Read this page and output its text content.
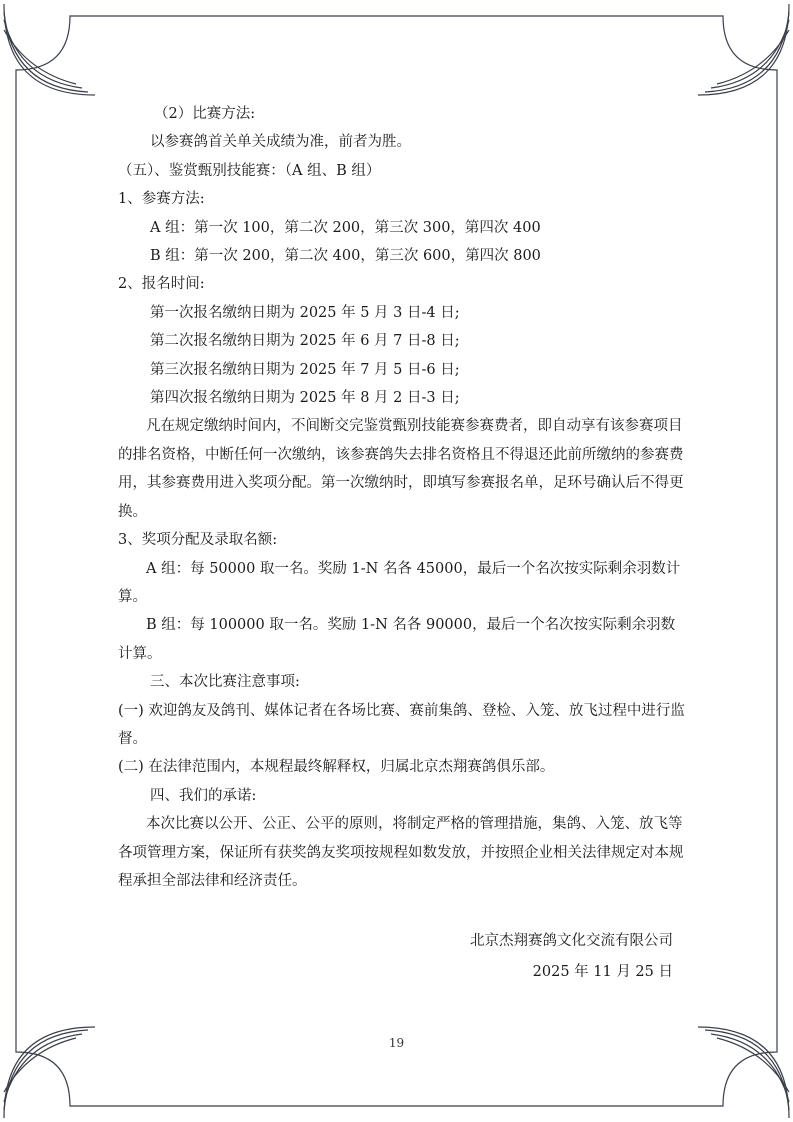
（2）比赛方法:

以参赛鸽首关单关成绩为准，前者为胜。

（五）、鉴赏甄别技能赛：（A 组、B 组）

1、参赛方法:

A 组：第一次 100，第二次 200，第三次 300，第四次 400

B 组：第一次 200，第二次 400，第三次 600，第四次 800

2、报名时间:

第一次报名缴纳日期为 2025 年 5 月 3 日-4 日;

第二次报名缴纳日期为 2025 年 6 月 7 日-8 日;

第三次报名缴纳日期为 2025 年 7 月 5 日-6 日;

第四次报名缴纳日期为 2025 年 8 月 2 日-3 日;

凡在规定缴纳时间内，不间断交完鉴赏甄别技能赛参赛费者，即自动享有该参赛项目的排名资格，中断任何一次缴纳，该参赛鸽失去排名资格且不得退还此前所缴纳的参赛费用，其参赛费用进入奖项分配。第一次缴纳时，即填写参赛报名单，足环号确认后不得更换。

3、奖项分配及录取名额:

A 组：每 50000 取一名。奖励 1-N 名各 45000，最后一个名次按实际剩余羽数计算。

B 组：每 100000 取一名。奖励 1-N 名各 90000，最后一个名次按实际剩余羽数计算。

三、本次比赛注意事项:

(一) 欢迎鸽友及鸽刊、媒体记者在各场比赛、赛前集鸽、登检、入笼、放飞过程中进行监督。

(二) 在法律范围内，本规程最终解释权，归属北京杰翔赛鸽俱乐部。

四、我们的承诺:

本次比赛以公开、公正、公平的原则，将制定严格的管理措施，集鸽、入笼、放飞等各项管理方案，保证所有获奖鸽友奖项按规程如数发放，并按照企业相关法律规定对本规程承担全部法律和经济责任。

北京杰翔赛鸽文化交流有限公司
2025 年 11 月 25 日
19
